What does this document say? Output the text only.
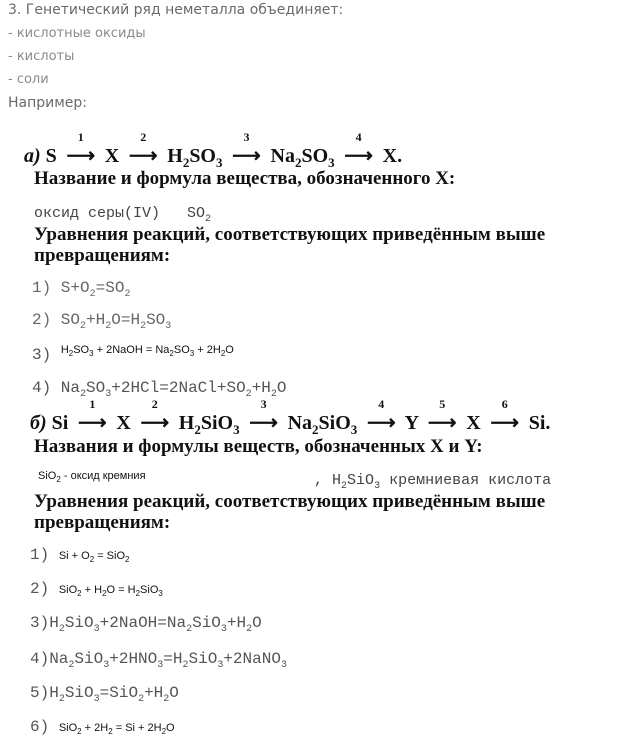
3. Генетический ряд неметалла объединяет:
- кислотные оксиды
- кислоты
- соли
Например:
а) S
1
⟶ X
2
⟶ $H_2SO_3$
3
⟶ $Na_2SO_3$
4
⟶ X.
Название и формула вещества, обозначенного X:
оксид серы(IV)   $SO_2$
Уравнения реакций, соответствующих приведённым выше
превращениям:
1) $S+O_2=SO_2$
2) $SO_2+H_2O=H_2SO_3$
3) $^{H_2SO_3 + 2NaOH = Na_2SO_3 + 2H_2O}$
4) $Na_2SO_3+2HCl=2NaCl+SO_2+H_2O$
б) Si
1
⟶ X
2
⟶ $H_2SiO_3$
3
⟶ $Na_2SiO_3$
4
⟶ Y
5
⟶ X
6
⟶ Si.
Названия и формулы веществ, обозначенных X и Y:
SiO$_2$ - оксид кремния	, $H_2SiO_3$ кремниевая кислота
Уравнения реакций, соответствующих приведённым выше
превращениям:
1) $Si + O_2 = SiO_2$
2) $SiO_2 + H_2O = H_2SiO_3$
$3)H_2SiO_3+2NaOH=Na_2SiO_3+H_2O$
$4)Na_2SiO_3+2HNO_3=H_2SiO_3+2NaNO_3$
$5)H_2SiO_3=SiO_2+H_2O$
6) $SiO_2 + 2H_2 = Si + 2H_2O$
